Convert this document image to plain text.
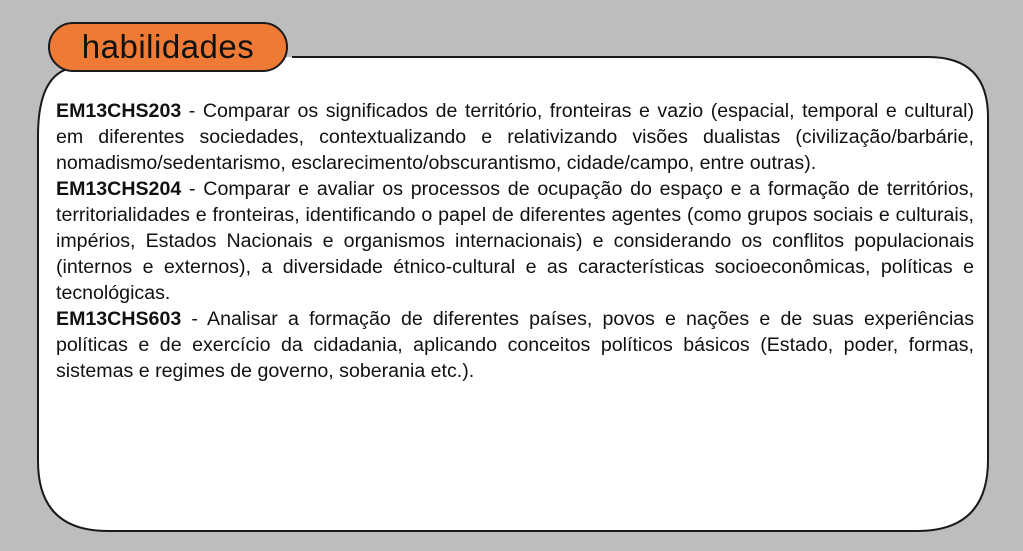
habilidades

EM13CHS203 - Comparar os significados de território, fronteiras e vazio (espacial, temporal e cultural) em diferentes sociedades, contextualizando e relativizando visões dualistas (civilização/barbárie, nomadismo/sedentarismo, esclarecimento/obscurantismo, cidade/campo, entre outras).

EM13CHS204 - Comparar e avaliar os processos de ocupação do espaço e a formação de territórios, territorialidades e fronteiras, identificando o papel de diferentes agentes (como grupos sociais e culturais, impérios, Estados Nacionais e organismos internacionais) e considerando os conflitos populacionais (internos e externos), a diversidade étnico-cultural e as características socioeconômicas, políticas e tecnológicas.

EM13CHS603 - Analisar a formação de diferentes países, povos e nações e de suas experiências políticas e de exercício da cidadania, aplicando conceitos políticos básicos (Estado, poder, formas, sistemas e regimes de governo, soberania etc.).
